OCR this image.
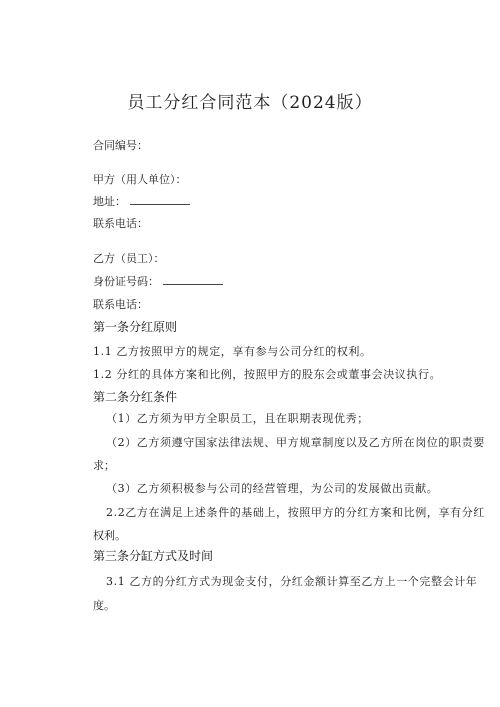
员工分红合同范本（2024版）
合同编号：
甲方（用人单位）：
地址：
联系电话：
乙方（员工）：
身份证号码：
联系电话：
第一条分红原则
1.1 乙方按照甲方的规定，享有参与公司分红的权利。
1.2 分红的具体方案和比例，按照甲方的股东会或董事会决议执行。
第二条分红条件
（1）乙方须为甲方全职员工，且在职期表现优秀；
（2）乙方须遵守国家法律法规、甲方规章制度以及乙方所在岗位的职责要
求；
（3）乙方须积极参与公司的经营管理，为公司的发展做出贡献。
2.2乙方在满足上述条件的基础上，按照甲方的分红方案和比例，享有分红
权利。
第三条分缸方式及时间
3.1 乙方的分红方式为现金支付，分红金额计算至乙方上一个完整会计年
度。
